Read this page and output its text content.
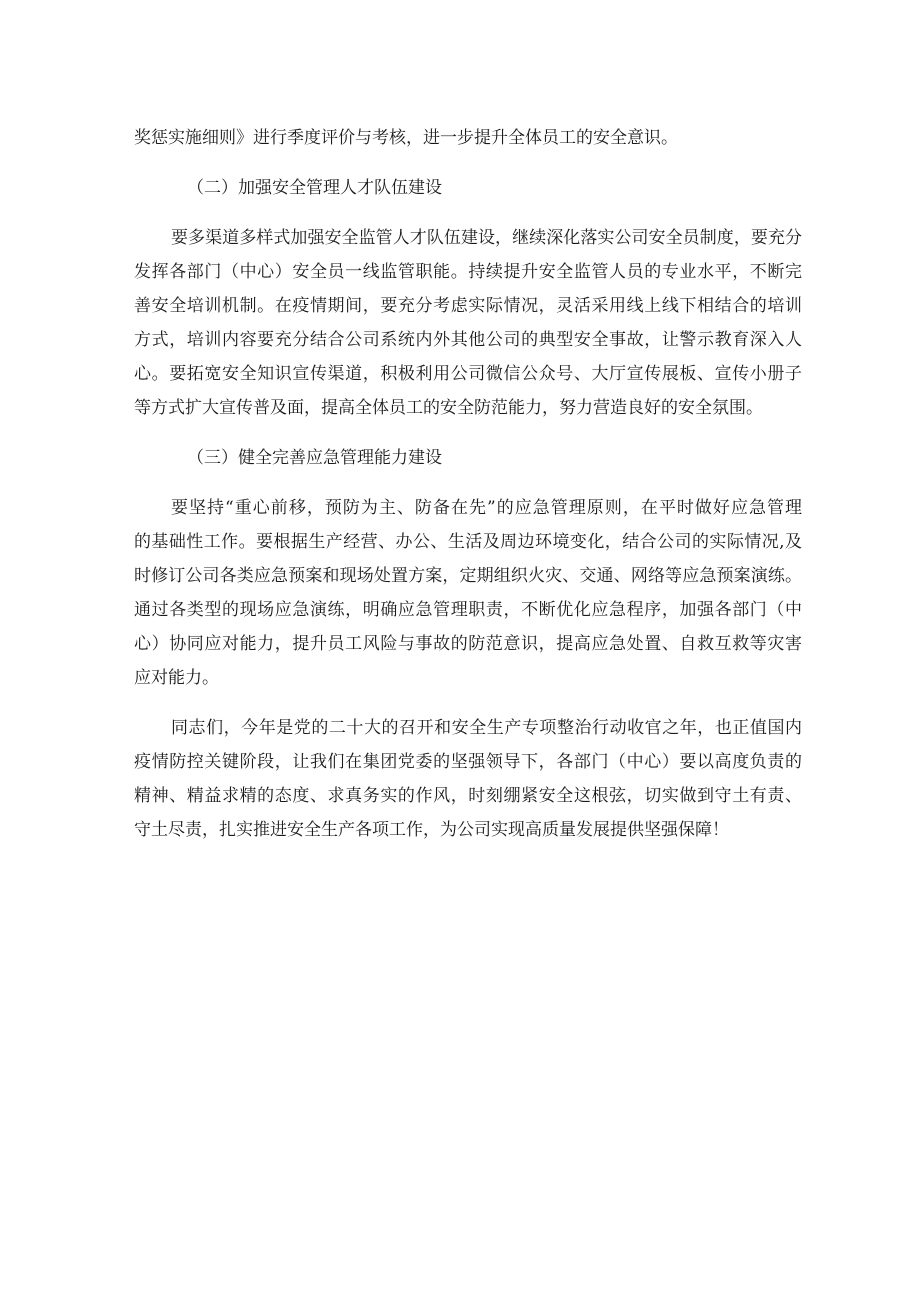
奖惩实施细则》进行季度评价与考核，进一步提升全体员工的安全意识。
（二）加强安全管理人才队伍建设
要多渠道多样式加强安全监管人才队伍建设，继续深化落实公司安全员制度，要充分
发挥各部门（中心）安全员一线监管职能。持续提升安全监管人员的专业水平，不断完
善安全培训机制。在疫情期间，要充分考虑实际情况，灵活采用线上线下相结合的培训
方式，培训内容要充分结合公司系统内外其他公司的典型安全事故，让警示教育深入人
心。要拓宽安全知识宣传渠道，积极利用公司微信公众号、大厅宣传展板、宣传小册子
等方式扩大宣传普及面，提高全体员工的安全防范能力，努力营造良好的安全氛围。
（三）健全完善应急管理能力建设
要坚持“重心前移，预防为主、防备在先”的应急管理原则，在平时做好应急管理
的基础性工作。要根据生产经营、办公、生活及周边环境变化，结合公司的实际情况,及
时修订公司各类应急预案和现场处置方案，定期组织火灾、交通、网络等应急预案演练。
通过各类型的现场应急演练，明确应急管理职责，不断优化应急程序，加强各部门（中
心）协同应对能力，提升员工风险与事故的防范意识，提高应急处置、自救互救等灾害
应对能力。
同志们，今年是党的二十大的召开和安全生产专项整治行动收官之年，也正值国内
疫情防控关键阶段，让我们在集团党委的坚强领导下，各部门（中心）要以高度负责的
精神、精益求精的态度、求真务实的作风，时刻绷紧安全这根弦，切实做到守土有责、
守土尽责，扎实推进安全生产各项工作，为公司实现高质量发展提供坚强保障！
